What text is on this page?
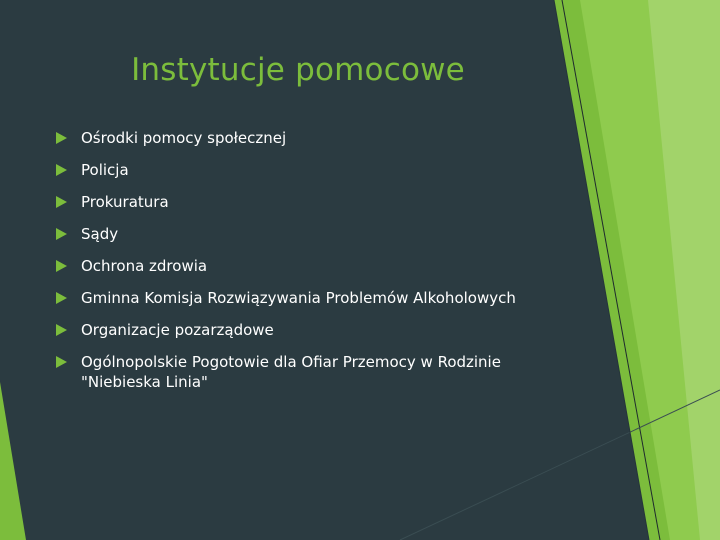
Instytucje pomocowe
Ośrodki pomocy społecznej
Policja
Prokuratura
Sądy
Ochrona zdrowia
Gminna Komisja Rozwiązywania Problemów Alkoholowych
Organizacje pozarządowe
Ogólnopolskie Pogotowie dla Ofiar Przemocy w Rodzinie "Niebieska Linia"
